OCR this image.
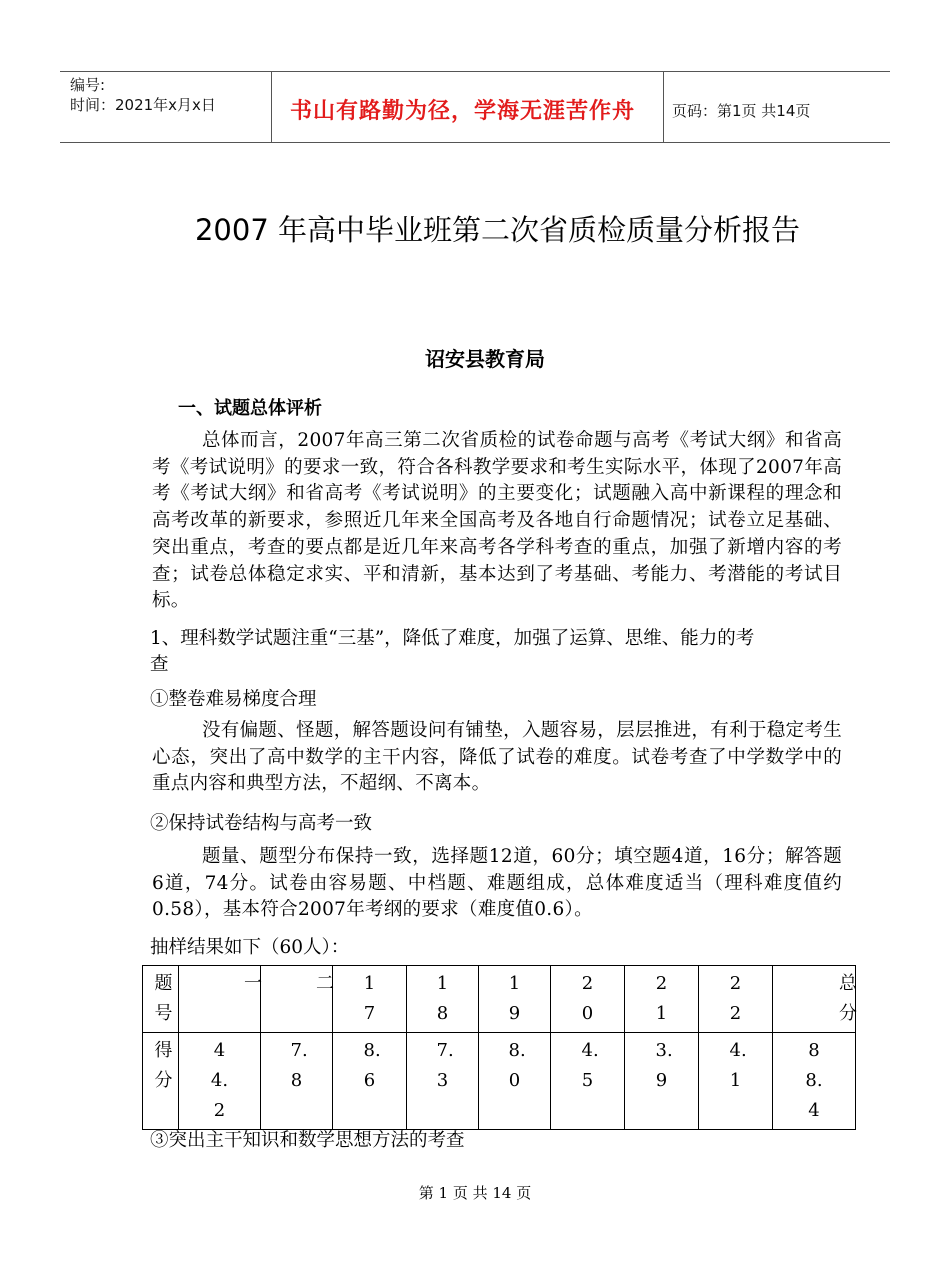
编号:
时间：2021年x月x日	书山有路勤为径，学海无涯苦作舟 页码：第1页 共14页
2007 年高中毕业班第二次省质检质量分析报告
诏安县教育局
一、试题总体评析
总体而言，2007年高三第二次省质检的试卷命题与高考《考试大纲》和省高考《考试说明》的要求一致，符合各科教学要求和考生实际水平，体现了2007年高考《考试大纲》和省高考《考试说明》的主要变化；试题融入高中新课程的理念和高考改革的新要求，参照近几年来全国高考及各地自行命题情况；试卷立足基础、突出重点，考查的要点都是近几年来高考各学科考查的重点，加强了新增内容的考查；试卷总体稳定求实、平和清新，基本达到了考基础、考能力、考潜能的考试目标。
1、理科数学试题注重“三基”，降低了难度，加强了运算、思维、能力的考
查
①整卷难易梯度合理
没有偏题、怪题，解答题设问有铺垫，入题容易，层层推进，有利于稳定考生心态，突出了高中数学的主干内容，降低了试卷的难度。试卷考查了中学数学中的重点内容和典型方法，不超纲、不离本。
②保持试卷结构与高考一致
题量、题型分布保持一致，选择题12道，60分；填空题4道，16分；解答题6道，74分。试卷由容易题、中档题、难题组成，总体难度适当（理科难度值约0.58），基本符合2007年考纲的要求（难度值0.6）。
抽样结果如下（60人）：
题号	一	二	17	18	19	20	21	22	总分
得分	44.2	7.8	8.6	7.3	8.0	4.5	3.9	4.1	88.4
③突出主干知识和数学思想方法的考查
第 1 页 共 14 页
